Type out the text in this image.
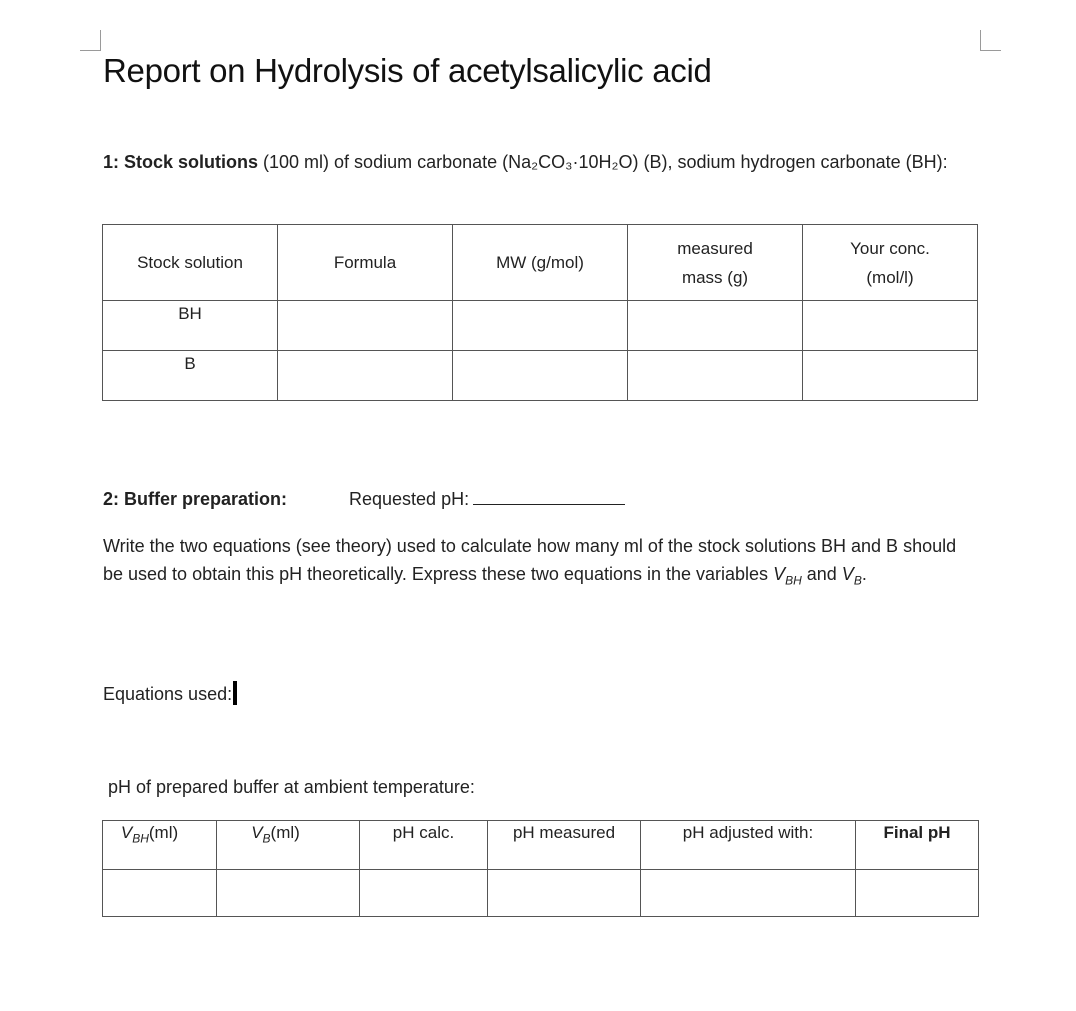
Report on Hydrolysis of acetylsalicylic acid

1: Stock solutions (100 ml) of sodium carbonate (Na₂CO₃·10H₂O) (B), sodium hydrogen carbonate (BH):

Stock solution	Formula	MW (g/mol)	measured mass (g)	Your conc. (mol/l)
BH				
B				

2: Buffer preparation:	Requested pH:

Write the two equations (see theory) used to calculate how many ml of the stock solutions BH and B should be used to obtain this pH theoretically. Express these two equations in the variables $V_{BH}$ and $V_B$.

Equations used:

pH of prepared buffer at ambient temperature:

$V_{BH}(ml)$	$V_B(ml)$	pH calc.	pH measured	pH adjusted with:	Final pH
